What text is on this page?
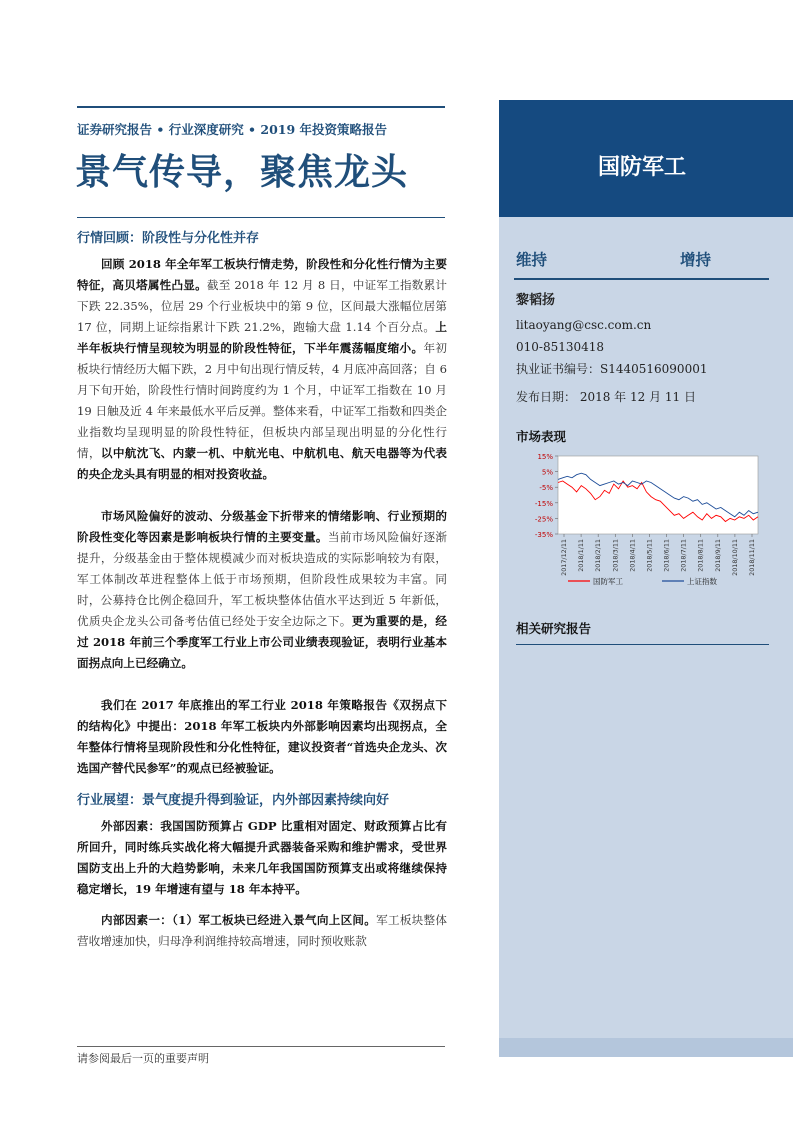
证券研究报告 • 行业深度研究 • 2019 年投资策略报告
景气传导，聚焦龙头

行情回顾：阶段性与分化性并存

回顾 2018 年全年军工板块行情走势，阶段性和分化性行情为主要特征，高贝塔属性凸显。截至 2018 年 12 月 8 日，中证军工指数累计下跌 22.35%，位居 29 个行业板块中的第 9 位，区间最大涨幅位居第 17 位，同期上证综指累计下跌 21.2%，跑输大盘 1.14 个百分点。上半年板块行情呈现较为明显的阶段性特征，下半年震荡幅度缩小。年初板块行情经历大幅下跌，2 月中旬出现行情反转，4 月底冲高回落；自 6 月下旬开始，阶段性行情时间跨度约为 1 个月，中证军工指数在 10 月 19 日触及近 4 年来最低水平后反弹。整体来看，中证军工指数和四类企业指数均呈现明显的阶段性特征，但板块内部呈现出明显的分化性行情，以中航沈飞、内蒙一机、中航光电、中航机电、航天电器等为代表的央企龙头具有明显的相对投资收益。

市场风险偏好的波动、分级基金下折带来的情绪影响、行业预期的阶段性变化等因素是影响板块行情的主要变量。当前市场风险偏好逐渐提升，分级基金由于整体规模减少而对板块造成的实际影响较为有限，军工体制改革进程整体上低于市场预期，但阶段性成果较为丰富。同时，公募持仓比例企稳回升，军工板块整体估值水平达到近 5 年新低，优质央企龙头公司备考估值已经处于安全边际之下。更为重要的是，经过 2018 年前三个季度军工行业上市公司业绩表现验证，表明行业基本面拐点向上已经确立。

我们在 2017 年底推出的军工行业 2018 年策略报告《双拐点下的结构化》中提出：2018 年军工板块内外部影响因素均出现拐点，全年整体行情将呈现阶段性和分化性特征，建议投资者“首选央企龙头、次选国产替代民参军”的观点已经被验证。

行业展望：景气度提升得到验证，内外部因素持续向好

外部因素：我国国防预算占 GDP 比重相对固定、财政预算占比有所回升，同时练兵实战化将大幅提升武器装备采购和维护需求，受世界国防支出上升的大趋势影响，未来几年我国国防预算支出或将继续保持稳定增长，19 年增速有望与 18 年本持平。

内部因素一：（1）军工板块已经进入景气向上区间。军工板块整体营收增速加快，归母净利润维持较高增速，同时预收账款

国防军工
维持	增持
黎韬扬
litaoyang@csc.com.cn
010-85130418
执业证书编号：S1440516090001
发布日期： 2018 年 12 月 11 日
市场表现
相关研究报告
15%
5%
-5%
-15%
-25%
-35%
2017/12/11 2018/1/11 2018/2/11 2018/3/11 2018/4/11 2018/5/11 2018/6/11 2018/7/11 2018/8/11 2018/9/11 2018/10/11 2018/11/11
国防军工	上证指数
请参阅最后一页的重要声明
